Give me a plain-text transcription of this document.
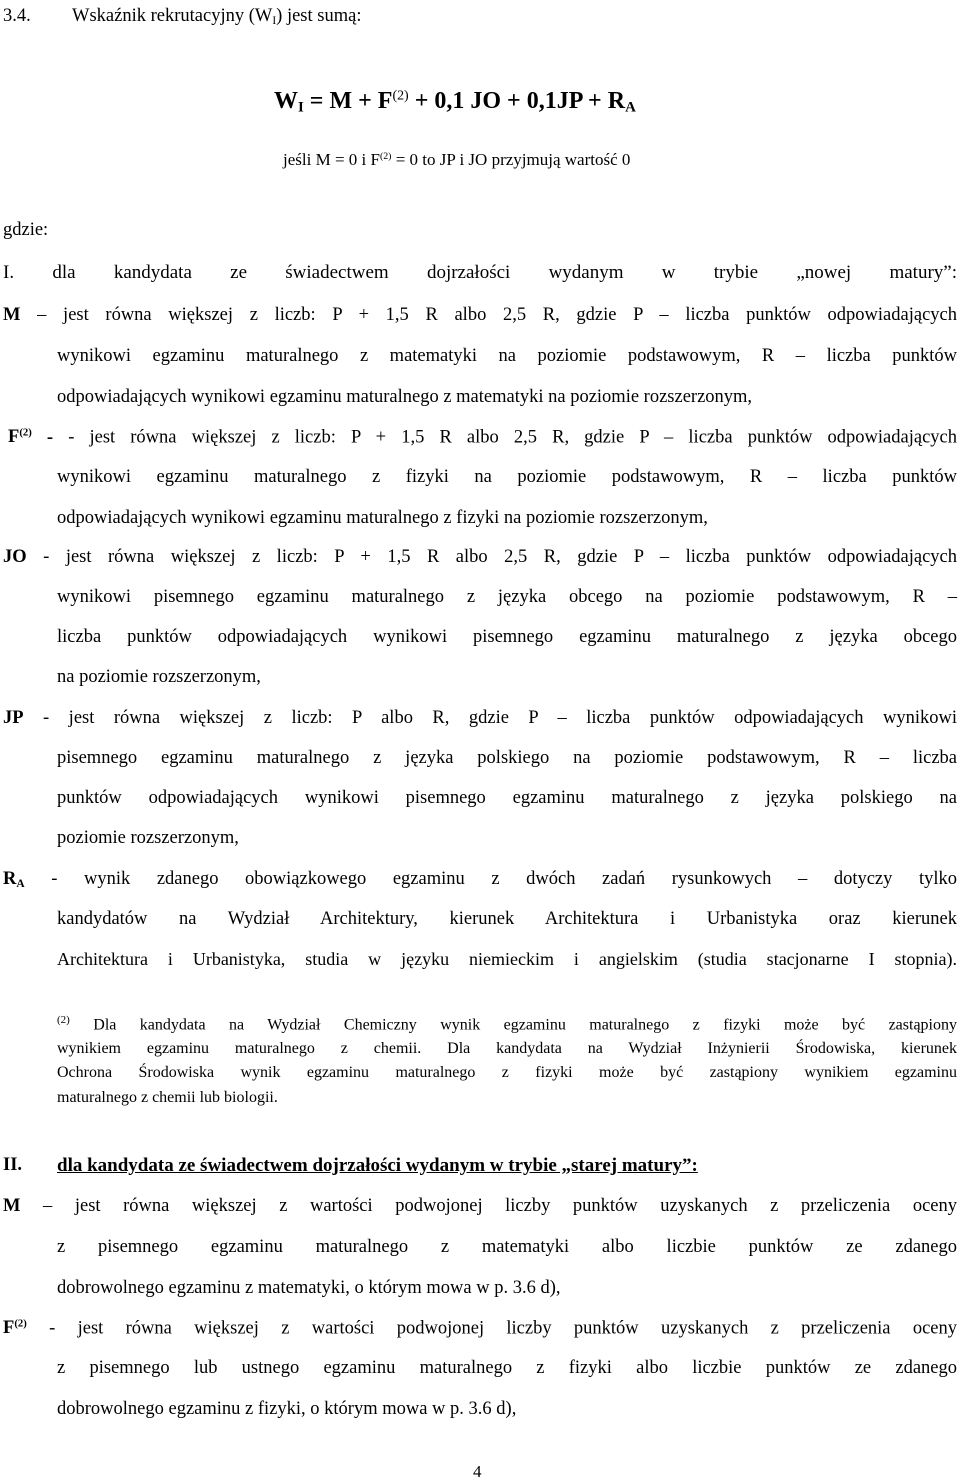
3.4. Wskaźnik rekrutacyjny $(W_I)$ jest sumą:
$W_I = M + F^{(2)} + 0,1$ JO + $0,1JP + R_A$
jeśli M = 0 i $F^{(2)} = 0$ to JP i JO przyjmują wartość 0
gdzie:
I. dla kandydata ze świadectwem dojrzałości wydanym w trybie „nowej matury”:
M – jest równa większej z liczb: P + 1,5 R albo 2,5 R, gdzie P – liczba punktów odpowiadających
wynikowi egzaminu maturalnego z matematyki na poziomie podstawowym, R – liczba punktów
odpowiadających wynikowi egzaminu maturalnego z matematyki na poziomie rozszerzonym,
$F^{(2)}$ - - jest równa większej z liczb: P + 1,5 R albo 2,5 R, gdzie P – liczba punktów odpowiadających
wynikowi egzaminu maturalnego z fizyki na poziomie podstawowym, R – liczba punktów
odpowiadających wynikowi egzaminu maturalnego z fizyki na poziomie rozszerzonym,
JO - jest równa większej z liczb: P + 1,5 R albo 2,5 R, gdzie P – liczba punktów odpowiadających
wynikowi pisemnego egzaminu maturalnego z języka obcego na poziomie podstawowym, R –
liczba punktów odpowiadających wynikowi pisemnego egzaminu maturalnego z języka obcego
na poziomie rozszerzonym,
JP - jest równa większej z liczb: P albo R, gdzie P – liczba punktów odpowiadających wynikowi
pisemnego egzaminu maturalnego z języka polskiego na poziomie podstawowym, R – liczba
punktów odpowiadających wynikowi pisemnego egzaminu maturalnego z języka polskiego na
poziomie rozszerzonym,
$R_A$ - wynik zdanego obowiązkowego egzaminu z dwóch zadań rysunkowych – dotyczy tylko
kandydatów na Wydział Architektury, kierunek Architektura i Urbanistyka oraz kierunek
Architektura i Urbanistyka, studia w języku niemieckim i angielskim (studia stacjonarne I stopnia).
$^{(2)}$ Dla kandydata na Wydział Chemiczny wynik egzaminu maturalnego z fizyki może być zastąpiony
wynikiem egzaminu maturalnego z chemii. Dla kandydata na Wydział Inżynierii Środowiska, kierunek
Ochrona Środowiska wynik egzaminu maturalnego z fizyki może być zastąpiony wynikiem egzaminu
maturalnego z chemii lub biologii.
II. dla kandydata ze świadectwem dojrzałości wydanym w trybie „starej matury”:
M – jest równa większej z wartości podwojonej liczby punktów uzyskanych z przeliczenia oceny
z pisemnego egzaminu maturalnego z matematyki albo liczbie punktów ze zdanego
dobrowolnego egzaminu z matematyki, o którym mowa w p. 3.6 d),
$F^{(2)}$ - jest równa większej z wartości podwojonej liczby punktów uzyskanych z przeliczenia oceny
z pisemnego lub ustnego egzaminu maturalnego z fizyki albo liczbie punktów ze zdanego
dobrowolnego egzaminu z fizyki, o którym mowa w p. 3.6 d),
4
